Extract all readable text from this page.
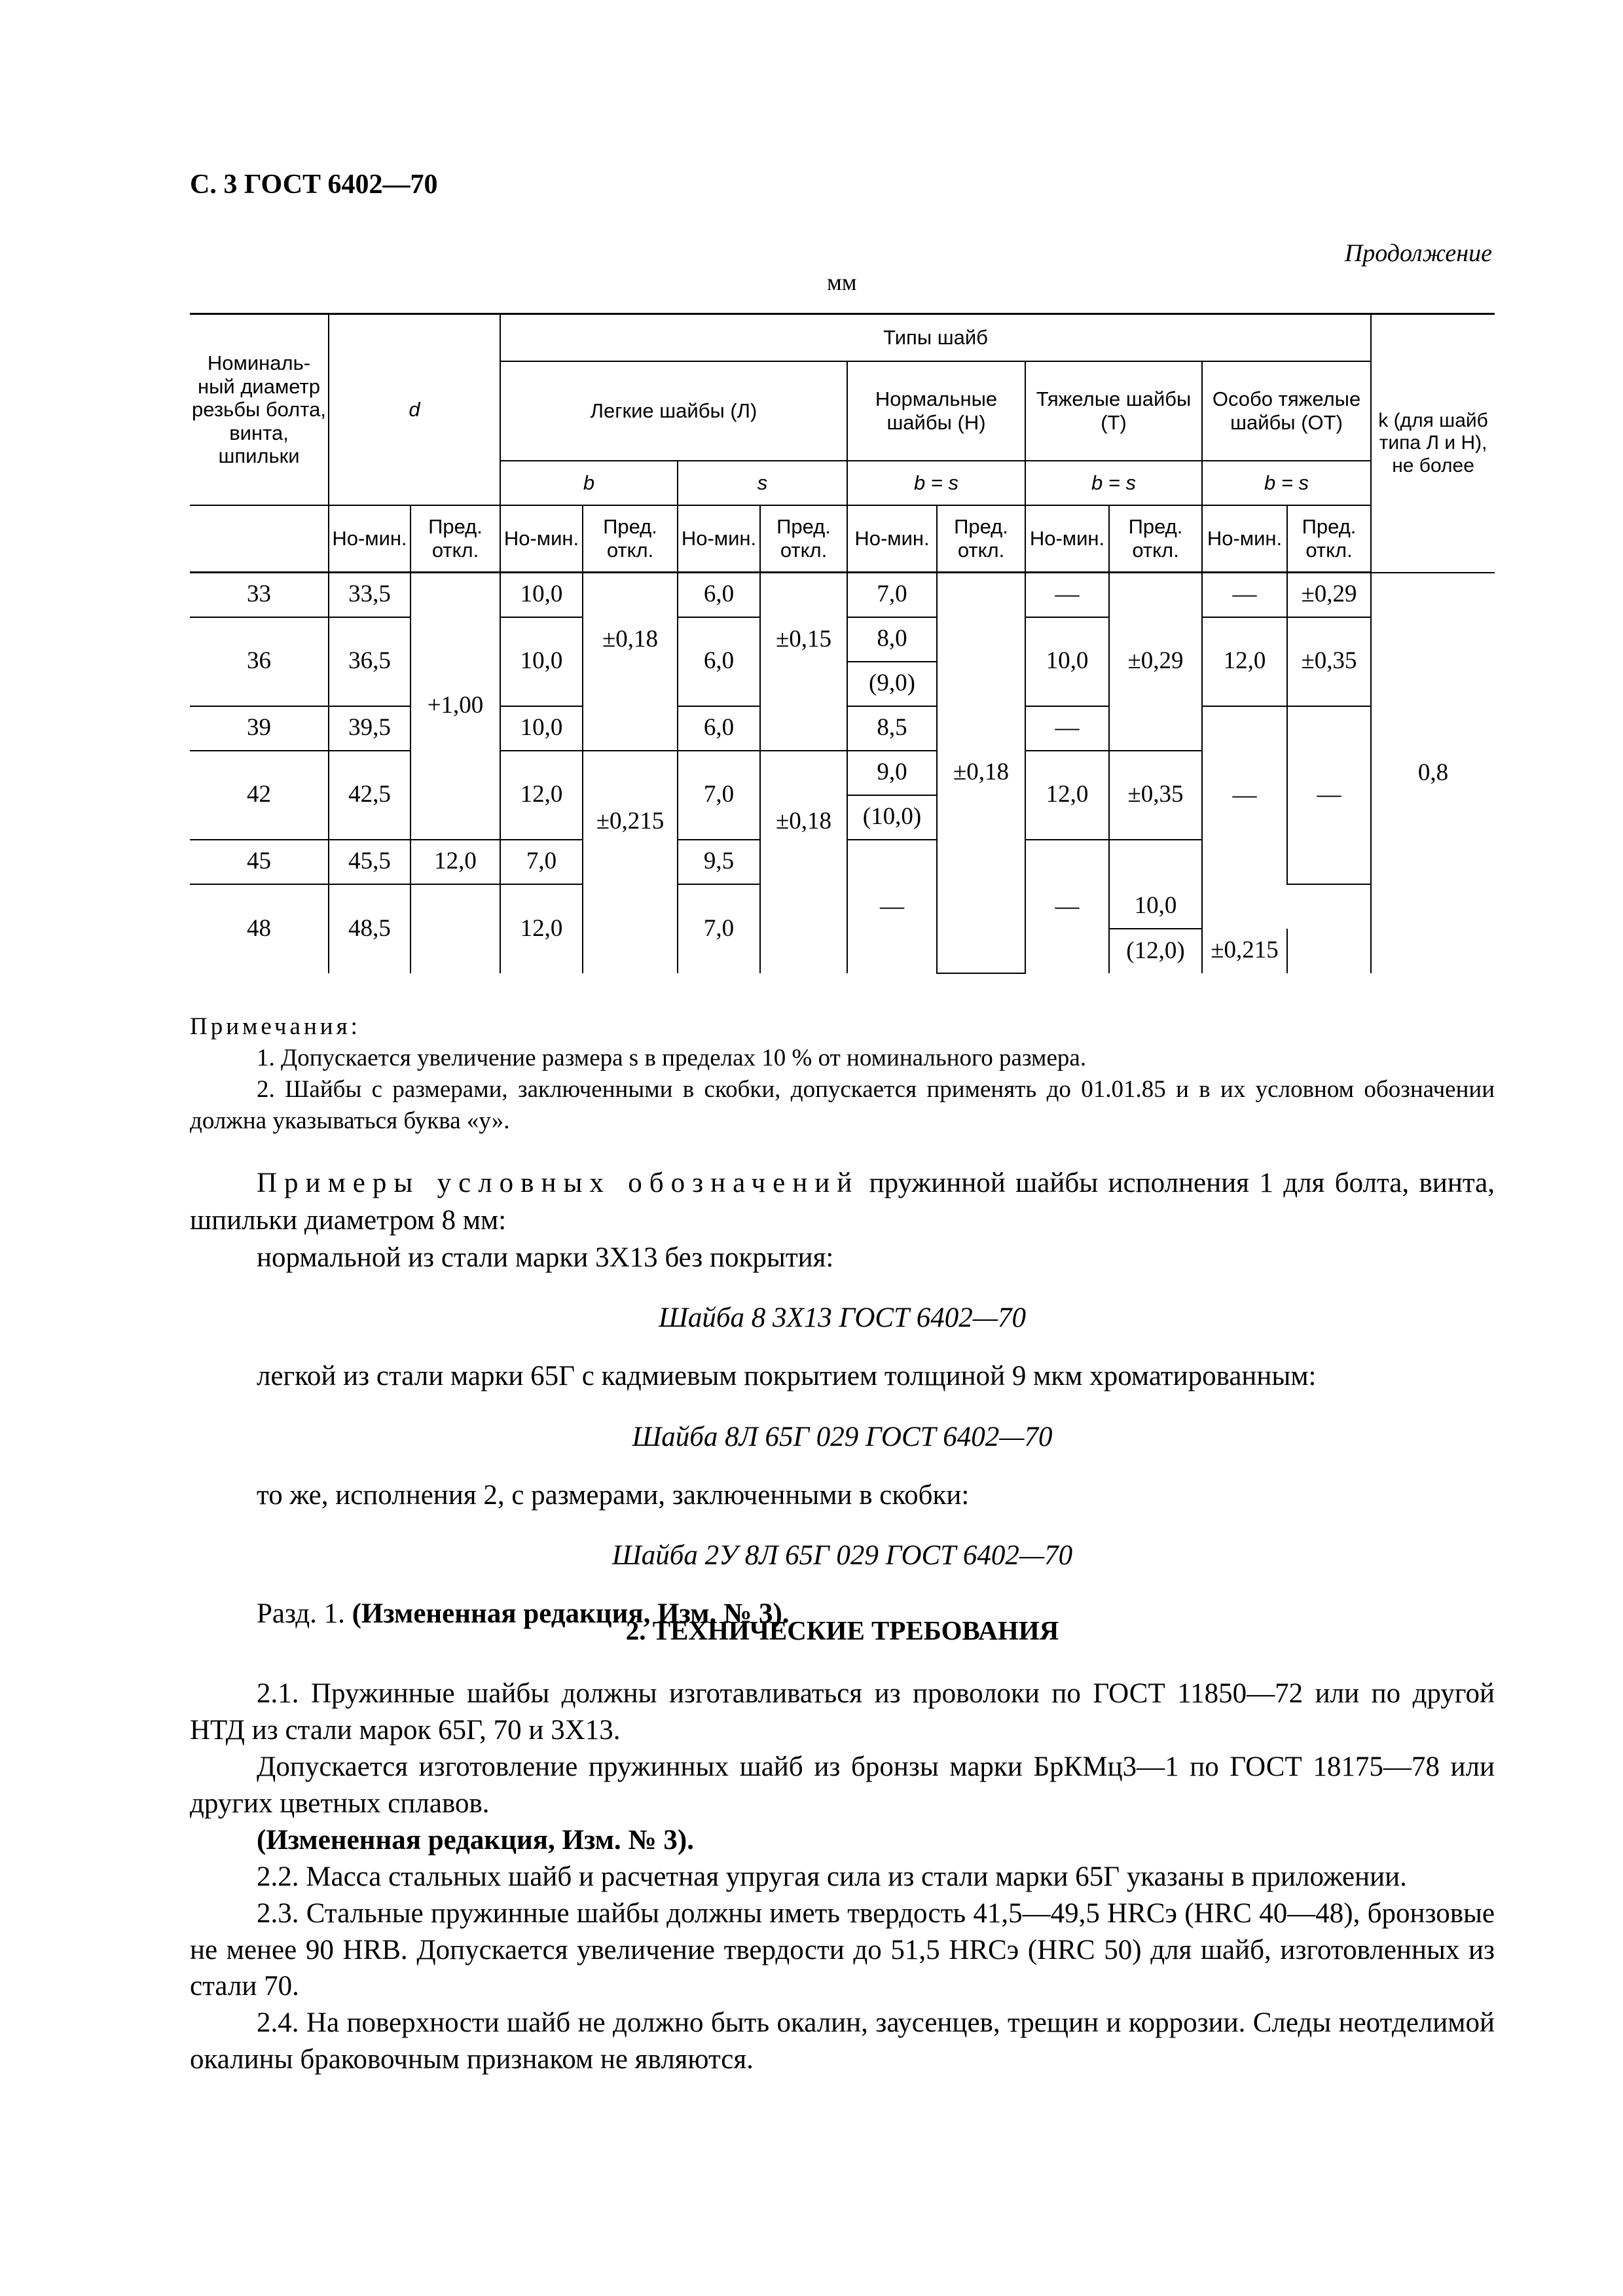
С. 3 ГОСТ 6402—70
Продолжение
мм
Номиналь-ный диаметр резьбы болта, винта, шпильки	d		Типы шайб										k (для шайб типа Л и Н), не более
			Легкие шайбы (Л)				Нормальные шайбы (Н)		Тяжелые шайбы (Т)		Особо тяжелые шайбы (ОТ)		
			b		s		b = s		b = s		b = s		
	Но-мин.	Пред. откл.	Но-мин.	Пред. откл.	Но-мин.	Пред. откл.	Но-мин.	Пред. откл.	Но-мин.	Пред. откл.	Но-мин.	Пред. откл.	
33	33,5	+1,00	10,0	±0,18	6,0	±0,15	7,0	±0,18	—	±0,29	—	±0,29	0,8
36	36,5		10,0		6,0		8,0		10,0		12,0	±0,35	
							(9,0)						
39	39,5		10,0		6,0		8,5		—		—	—	
42	42,5		12,0	±0,215	7,0	±0,18	9,0		12,0	±0,35			
							(10,0)						
45	45,5	12,0	7,0		9,5		—		—				
48	48,5		12,0		7,0					10,0			
										(12,0)	±0,215		

Примечания:

1. Допускается увеличение размера s в пределах 10 % от номинального размера.

2. Шайбы с размерами, заключенными в скобки, допускается применять до 01.01.85 и в их условном обозначении должна указываться буква «у».

Примеры условных обозначений пружинной шайбы исполнения 1 для болта, винта, шпильки диаметром 8 мм:

нормальной из стали марки 3Х13 без покрытия:

Шайба 8 3Х13 ГОСТ 6402—70

легкой из стали марки 65Г с кадмиевым покрытием толщиной 9 мкм хроматированным:

Шайба 8Л 65Г 029 ГОСТ 6402—70

то же, исполнения 2, с размерами, заключенными в скобки:

Шайба 2У 8Л 65Г 029 ГОСТ 6402—70

Разд. 1. (Измененная редакция, Изм. № 3).

2. ТЕХНИЧЕСКИЕ ТРЕБОВАНИЯ

2.1. Пружинные шайбы должны изготавливаться из проволоки по ГОСТ 11850—72 или по другой НТД из стали марок 65Г, 70 и 3Х13.

Допускается изготовление пружинных шайб из бронзы марки БрКМц3—1 по ГОСТ 18175—78 или других цветных сплавов.

(Измененная редакция, Изм. № 3).

2.2. Масса стальных шайб и расчетная упругая сила из стали марки 65Г указаны в приложении.

2.3. Стальные пружинные шайбы должны иметь твердость 41,5—49,5 HRCэ (HRC 40—48), бронзовые не менее 90 HRB. Допускается увеличение твердости до 51,5 HRCэ (HRC 50) для шайб, изготовленных из стали 70.

2.4. На поверхности шайб не должно быть окалин, заусенцев, трещин и коррозии. Следы неотделимой окалины браковочным признаком не являются.
